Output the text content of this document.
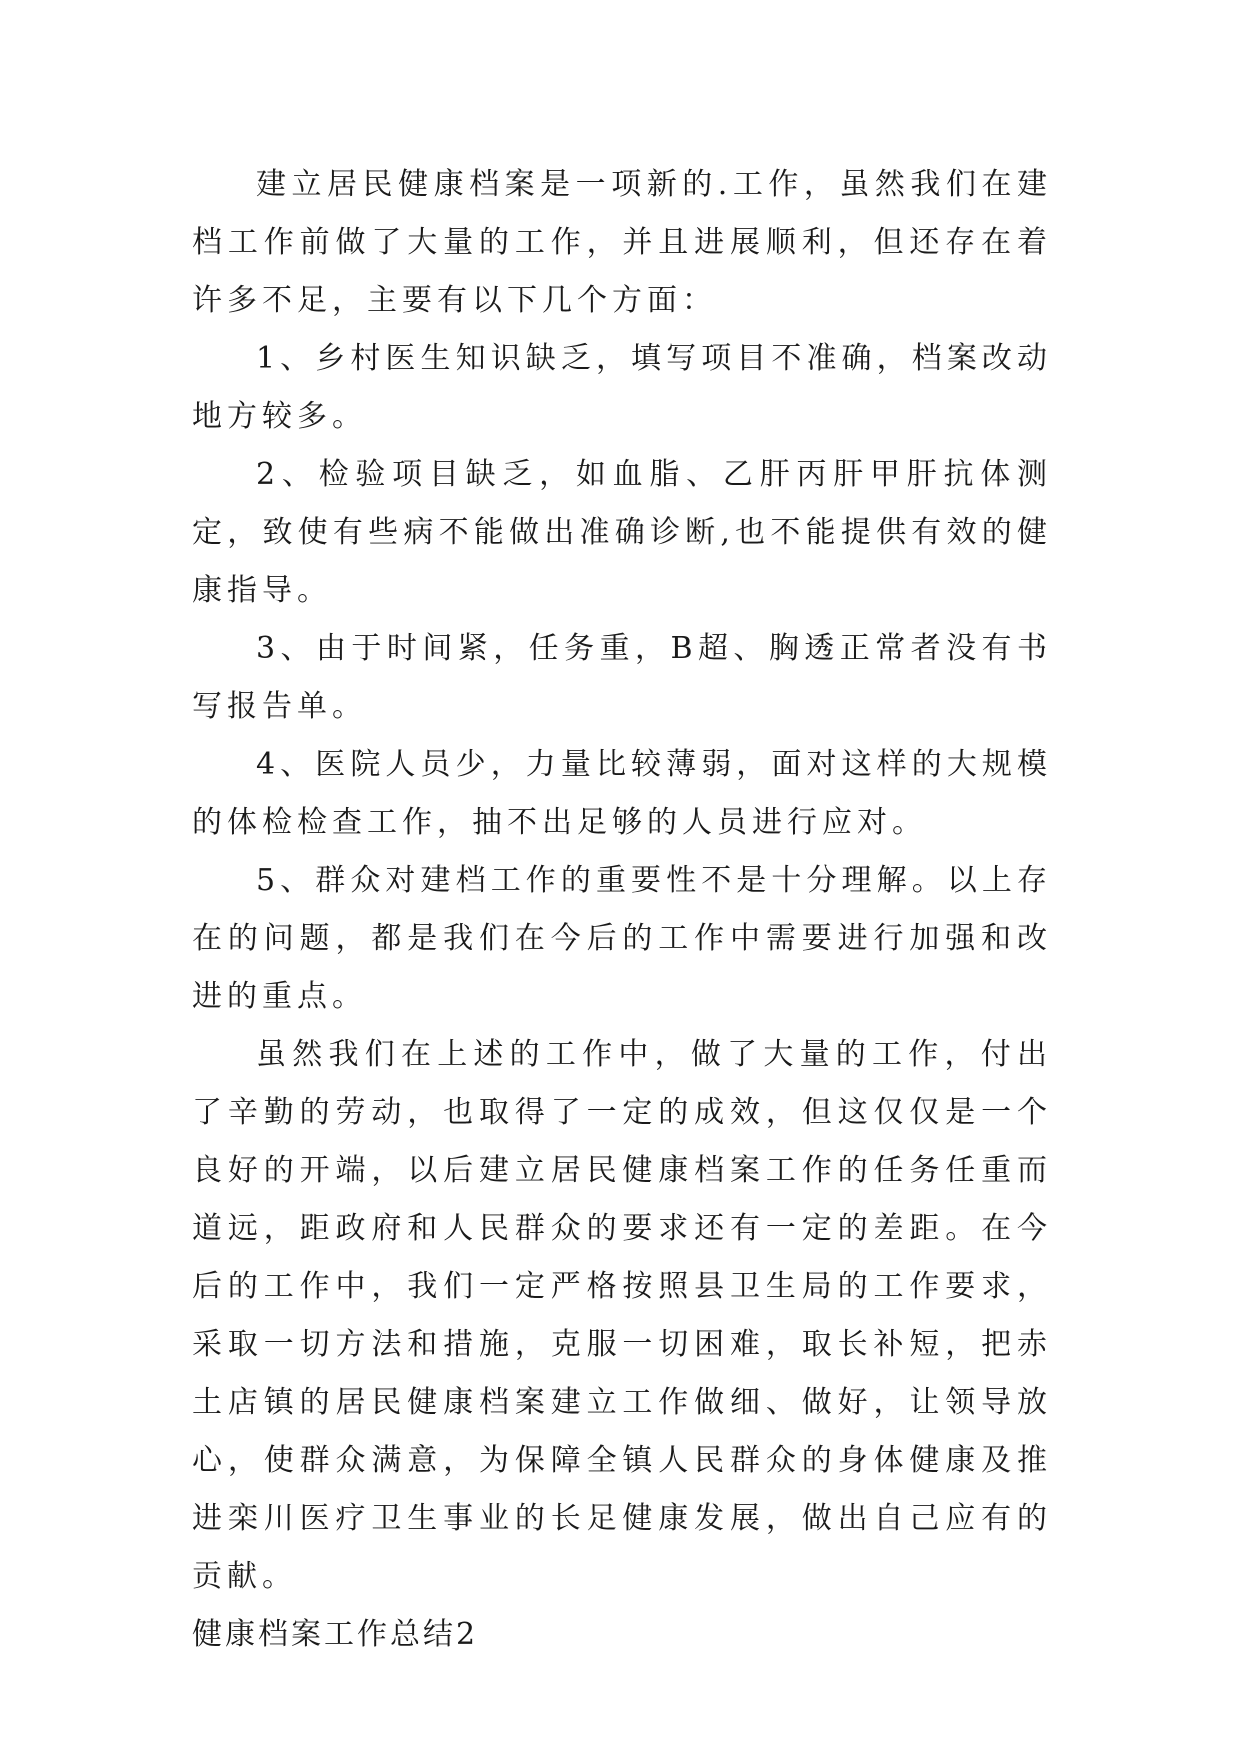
建立居民健康档案是一项新的.工作，虽然我们在建档工作前做了大量的工作，并且进展顺利，但还存在着许多不足，主要有以下几个方面：

1、乡村医生知识缺乏，填写项目不准确，档案改动地方较多。

2、检验项目缺乏，如血脂、乙肝丙肝甲肝抗体测定，致使有些病不能做出准确诊断,也不能提供有效的健康指导。

3、由于时间紧，任务重，B超、胸透正常者没有书写报告单。

4、医院人员少，力量比较薄弱，面对这样的大规模的体检检查工作，抽不出足够的人员进行应对。

5、群众对建档工作的重要性不是十分理解。以上存在的问题，都是我们在今后的工作中需要进行加强和改进的重点。

虽然我们在上述的工作中，做了大量的工作，付出了辛勤的劳动，也取得了一定的成效，但这仅仅是一个良好的开端，以后建立居民健康档案工作的任务任重而道远，距政府和人民群众的要求还有一定的差距。在今后的工作中，我们一定严格按照县卫生局的工作要求，采取一切方法和措施，克服一切困难，取长补短，把赤土店镇的居民健康档案建立工作做细、做好，让领导放心，使群众满意，为保障全镇人民群众的身体健康及推进栾川医疗卫生事业的长足健康发展，做出自己应有的贡献。

健康档案工作总结2
